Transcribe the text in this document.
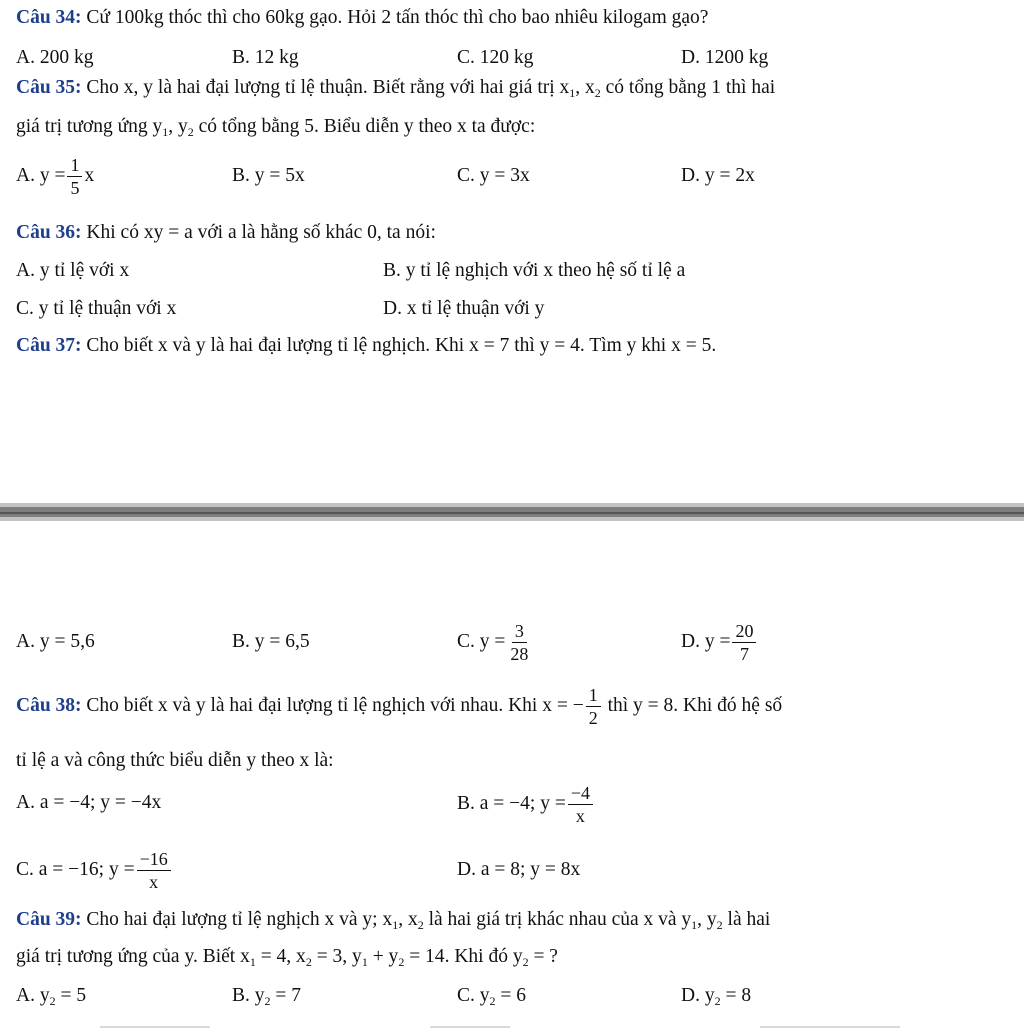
Câu 34: Cứ 100kg thóc thì cho 60kg gạo. Hỏi 2 tấn thóc thì cho bao nhiêu kilogam gạo?
A. 200 kg	B. 12 kg	C. 120 kg	D. 1200 kg
Câu 35: Cho x, y là hai đại lượng tỉ lệ thuận. Biết rằng với hai giá trị $x_1$, $x_2$ có tổng bằng 1 thì hai
giá trị tương ứng $y_1$, $y_2$ có tổng bằng 5. Biểu diễn y theo x ta được:
A. $y = \frac{1}{5}$ x	B. y = 5x	C. y = 3x	D. y = 2x
Câu 36: Khi có xy = a với a là hằng số khác 0, ta nói:
A. y tỉ lệ với x	B. y tỉ lệ nghịch với x theo hệ số tỉ lệ a
C. y tỉ lệ thuận với x	D. x tỉ lệ thuận với y
Câu 37: Cho biết x và y là hai đại lượng tỉ lệ nghịch. Khi x = 7 thì y = 4. Tìm y khi x = 5.
A. y = 5,6	B. y = 6,5	C. $y = \frac{3}{28}$	D. $y = \frac{20}{7}$
Câu 38: Cho biết x và y là hai đại lượng tỉ lệ nghịch với nhau. Khi x = − $\frac{1}{2}$ thì y = 8. Khi đó hệ số
tỉ lệ a và công thức biểu diễn y theo x là:
A. a = −4; y = −4x	B. a = −4; $y = \frac{-4}{x}$
C. a = −16; $y = \frac{-16}{x}$	D. a = 8; y = 8x
Câu 39: Cho hai đại lượng tỉ lệ nghịch x và y; $x_1$, $x_2$ là hai giá trị khác nhau của x và $y_1$, $y_2$ là hai
giá trị tương ứng của y. Biết $x_1 = 4$, $x_2 = 3$, $y_1 + y_2 = 14$. Khi đó $y_2$ = ?
A. $y_2 = 5$	B. $y_2 = 7$	C. $y_2 = 6$	D. $y_2 = 8$
